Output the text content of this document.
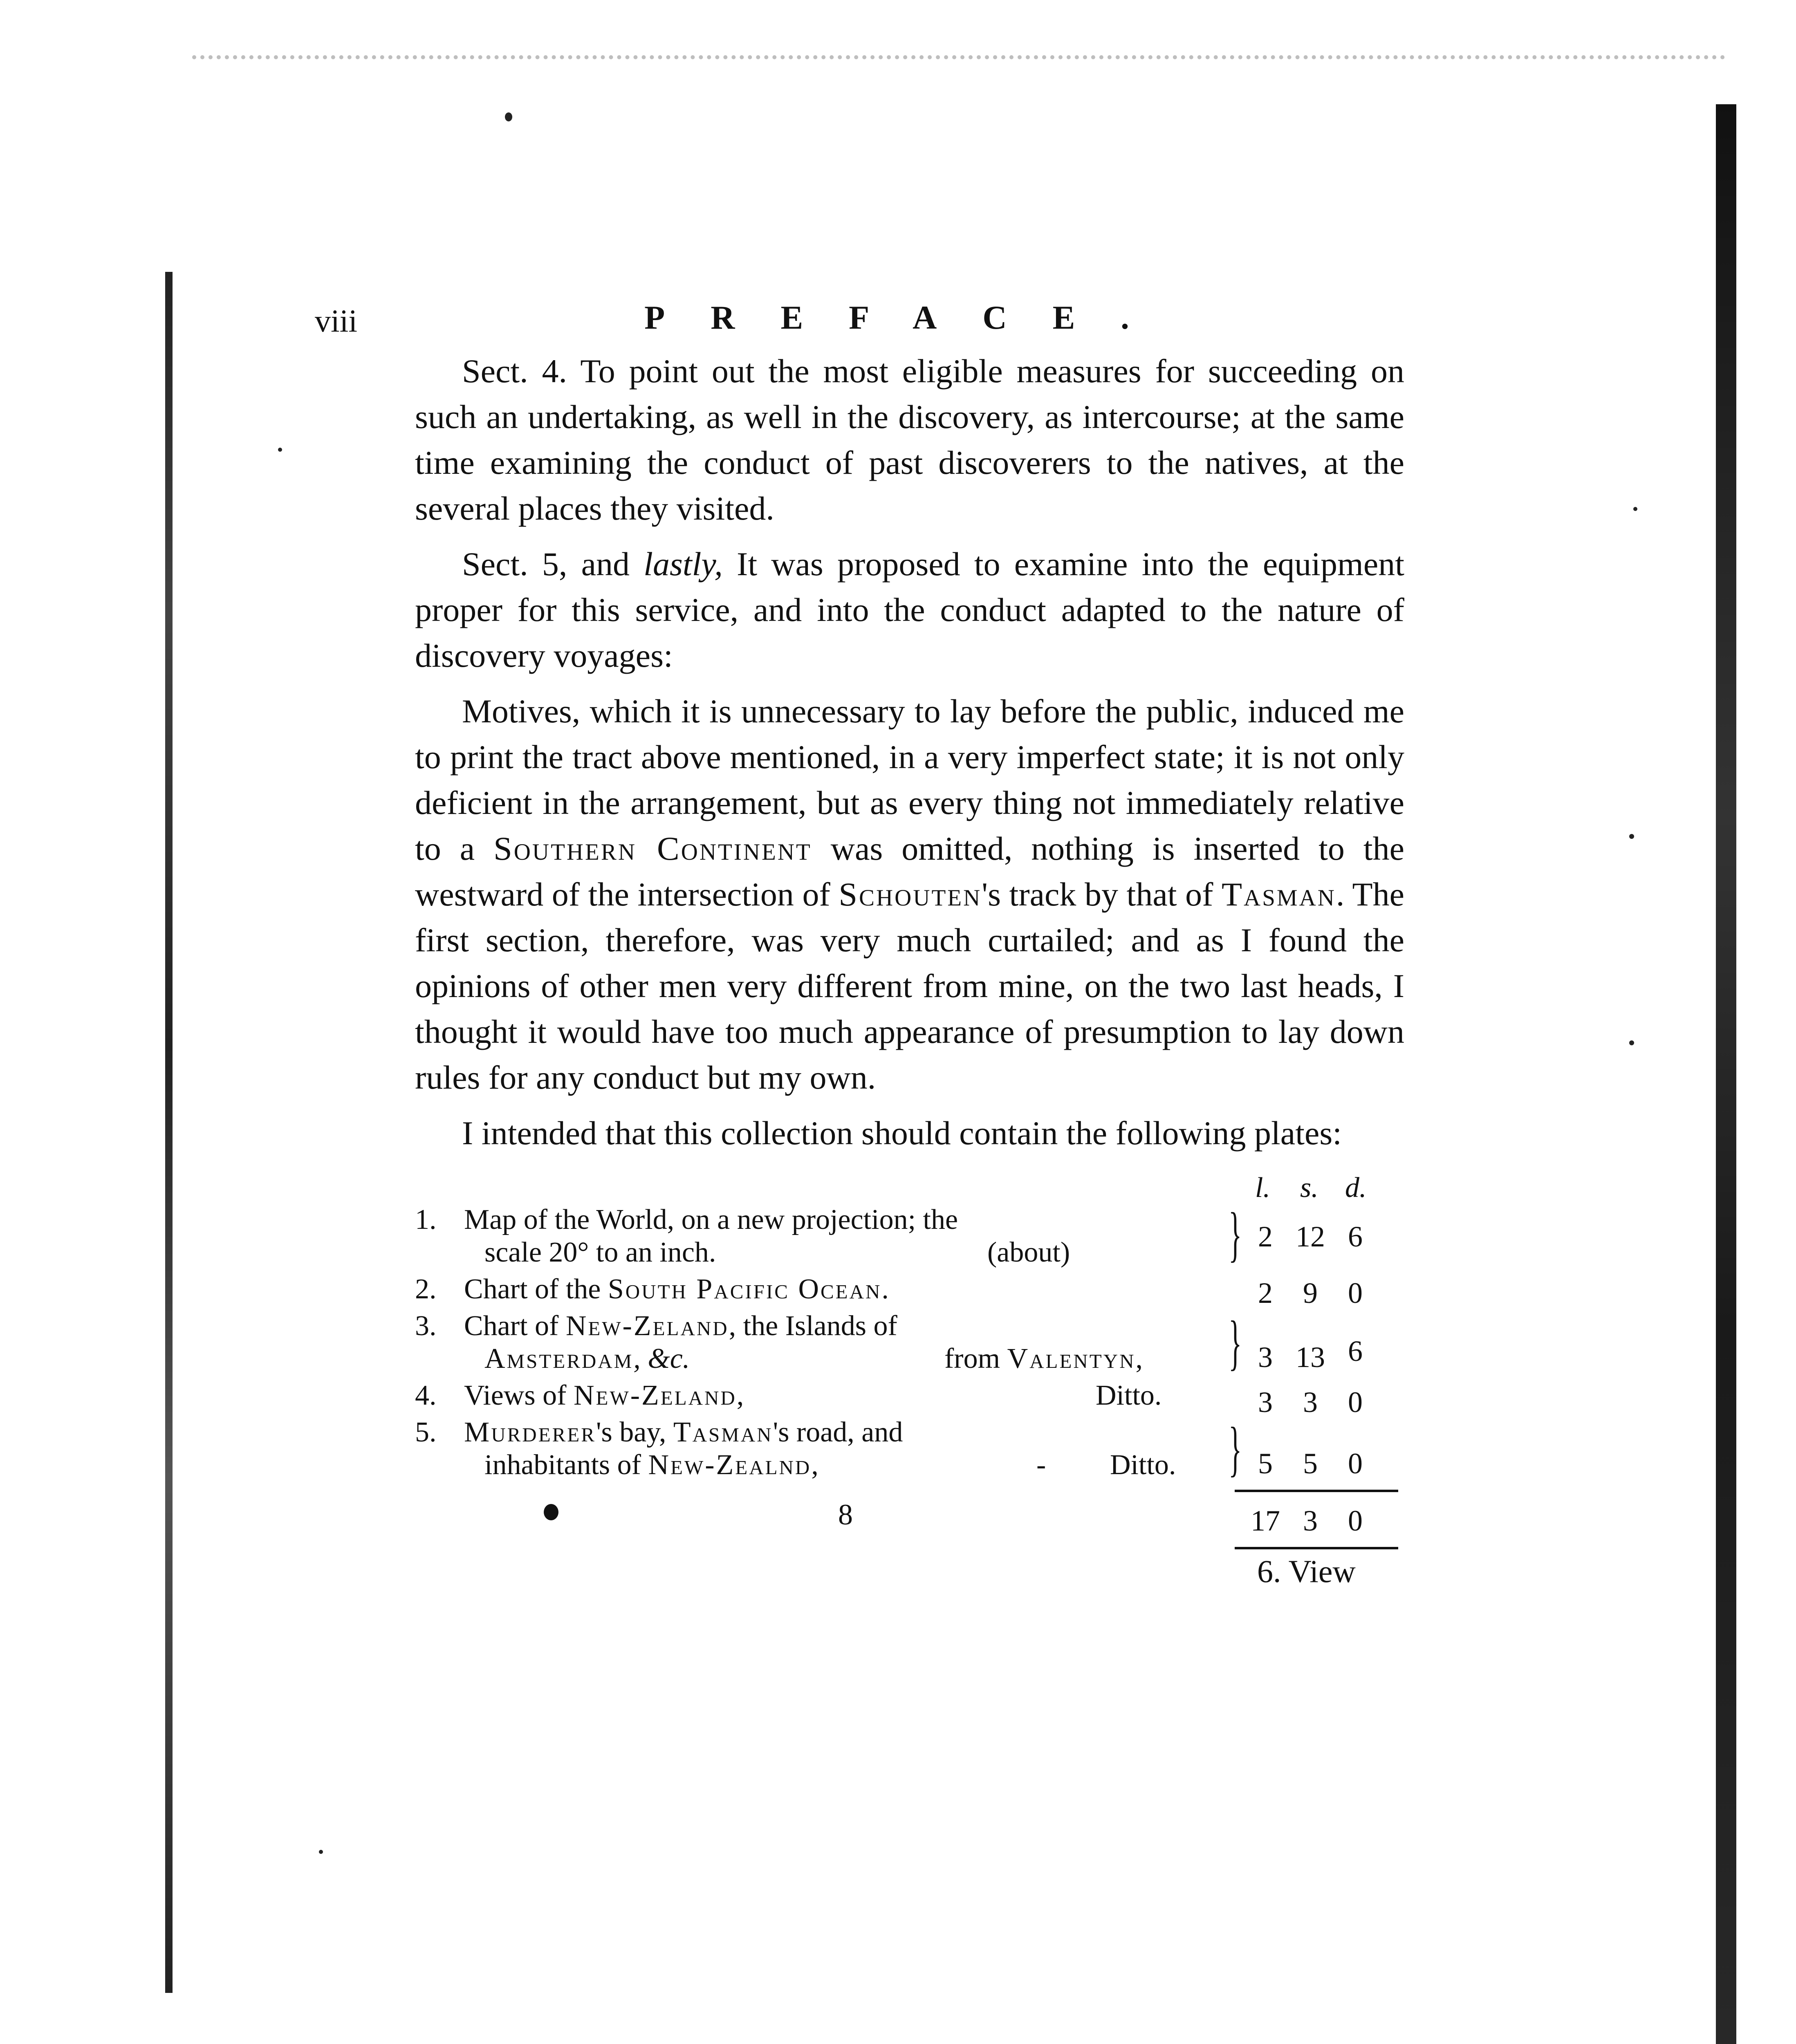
viii	PREFACE.

Sect. 4. To point out the most eligible measures for succeeding on such an undertaking, as well in the discovery, as intercourse; at the same time examining the conduct of past discoverers to the natives, at the several places they visited.

Sect. 5, and lastly, It was proposed to examine into the equipment proper for this service, and into the conduct adapted to the nature of discovery voyages:

Motives, which it is unnecessary to lay before the public, induced me to print the tract above mentioned, in a very imperfect state; it is not only deficient in the arrangement, but as every thing not immediately relative to a Southern Continent was omitted, nothing is inserted to the westward of the intersection of Schouten's track by that of Tasman. The first section, therefore, was very much curtailed; and as I found the opinions of other men very different from mine, on the two last heads, I thought it would have too much appearance of presumption to lay down rules for any conduct but my own.

I intended that this collection should contain the following plates:

l. s. d.
1. Map of the World, on a new projection; the
scale 20° to an inch.	(about)	} 2 12 6
2. Chart of the South Pacific Ocean.	2	9	0
3. Chart of New-Zeland, the Islands of
Amsterdam, &c.	from Valentyn, } 3 13 6
4. Views of New-Zeland,	Ditto.	3	3	0
5. Murderer's bay, Tasman's road, and
inhabitants of New-Zealnd,	- Ditto. } 5	5	0
17 3	0
6. View
8
